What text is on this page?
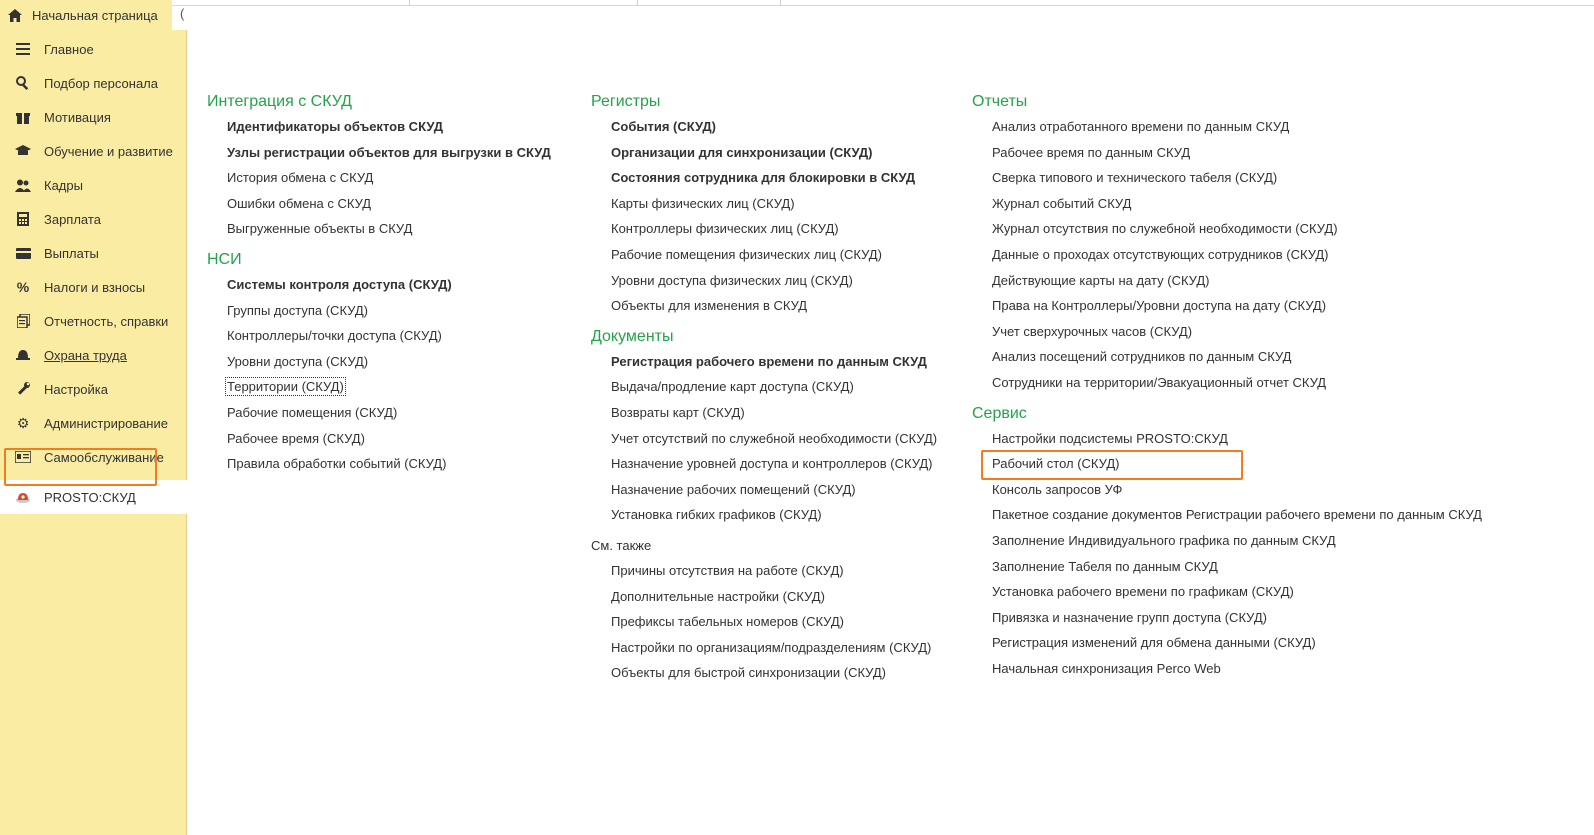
Начальная страница (
Главное
Подбор персонала
Мотивация
Обучение и развитие
Кадры
Зарплата
Выплаты
% Налоги и взносы
Отчетность, справки
Охрана труда
Настройка
⚙ Администрирование
Самообслуживание
PROSTO:СКУД
Интеграция с СКУД
Идентификаторы объектов СКУД
Узлы регистрации объектов для выгрузки в СКУД
История обмена с СКУД
Ошибки обмена с СКУД
Выгруженные объекты в СКУД
НСИ
Системы контроля доступа (СКУД)
Группы доступа (СКУД)
Контроллеры/точки доступа (СКУД)
Уровни доступа (СКУД)
Территории (СКУД)
Рабочие помещения (СКУД)
Рабочее время (СКУД)
Правила обработки событий (СКУД)
Регистры
События (СКУД)
Организации для синхронизации (СКУД)
Состояния сотрудника для блокировки в СКУД
Карты физических лиц (СКУД)
Контроллеры физических лиц (СКУД)
Рабочие помещения физических лиц (СКУД)
Уровни доступа физических лиц (СКУД)
Объекты для изменения в СКУД
Документы
Регистрация рабочего времени по данным СКУД
Выдача/продление карт доступа (СКУД)
Возвраты карт (СКУД)
Учет отсутствий по служебной необходимости (СКУД)
Назначение уровней доступа и контроллеров (СКУД)
Назначение рабочих помещений (СКУД)
Установка гибких графиков (СКУД)
См. также
Причины отсутствия на работе (СКУД)
Дополнительные настройки (СКУД)
Префиксы табельных номеров (СКУД)
Настройки по организациям/подразделениям (СКУД)
Объекты для быстрой синхронизации (СКУД)
Отчеты
Анализ отработанного времени по данным СКУД
Рабочее время по данным СКУД
Сверка типового и технического табеля (СКУД)
Журнал событий СКУД
Журнал отсутствия по служебной необходимости (СКУД)
Данные о проходах отсутствующих сотрудников (СКУД)
Действующие карты на дату (СКУД)
Права на Контроллеры/Уровни доступа на дату (СКУД)
Учет сверхурочных часов (СКУД)
Анализ посещений сотрудников по данным СКУД
Сотрудники на территории/Эвакуационный отчет СКУД
Сервис
Настройки подсистемы PROSTO:СКУД
Рабочий стол (СКУД)
Консоль запросов УФ
Пакетное создание документов Регистрации рабочего времени по данным СКУД
Заполнение Индивидуального графика по данным СКУД
Заполнение Табеля по данным СКУД
Установка рабочего времени по графикам (СКУД)
Привязка и назначение групп доступа (СКУД)
Регистрация изменений для обмена данными (СКУД)
Начальная синхронизация Perco Web
